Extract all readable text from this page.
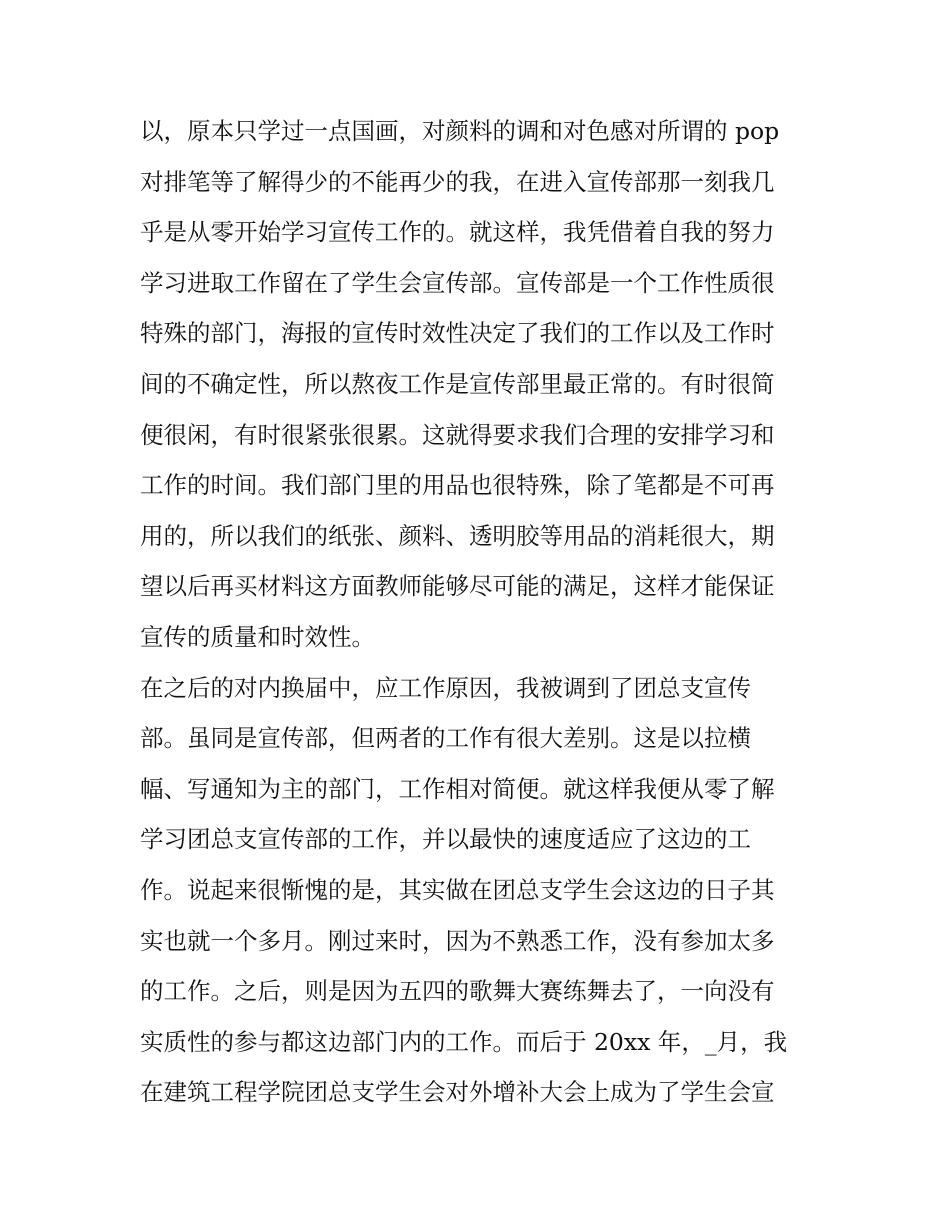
以，原本只学过一点国画，对颜料的调和对色感对所谓的 pop
对排笔等了解得少的不能再少的我，在进入宣传部那一刻我几
乎是从零开始学习宣传工作的。就这样，我凭借着自我的努力
学习进取工作留在了学生会宣传部。宣传部是一个工作性质很
特殊的部门，海报的宣传时效性决定了我们的工作以及工作时
间的不确定性，所以熬夜工作是宣传部里最正常的。有时很简
便很闲，有时很紧张很累。这就得要求我们合理的安排学习和
工作的时间。我们部门里的用品也很特殊，除了笔都是不可再
用的，所以我们的纸张、颜料、透明胶等用品的消耗很大，期
望以后再买材料这方面教师能够尽可能的满足，这样才能保证
宣传的质量和时效性。
在之后的对内换届中，应工作原因，我被调到了团总支宣传
部。虽同是宣传部，但两者的工作有很大差别。这是以拉横
幅、写通知为主的部门，工作相对简便。就这样我便从零了解
学习团总支宣传部的工作，并以最快的速度适应了这边的工
作。说起来很惭愧的是，其实做在团总支学生会这边的日子其
实也就一个多月。刚过来时，因为不熟悉工作，没有参加太多
的工作。之后，则是因为五四的歌舞大赛练舞去了，一向没有
实质性的参与都这边部门内的工作。而后于 20xx 年，_月，我
在建筑工程学院团总支学生会对外增补大会上成为了学生会宣
